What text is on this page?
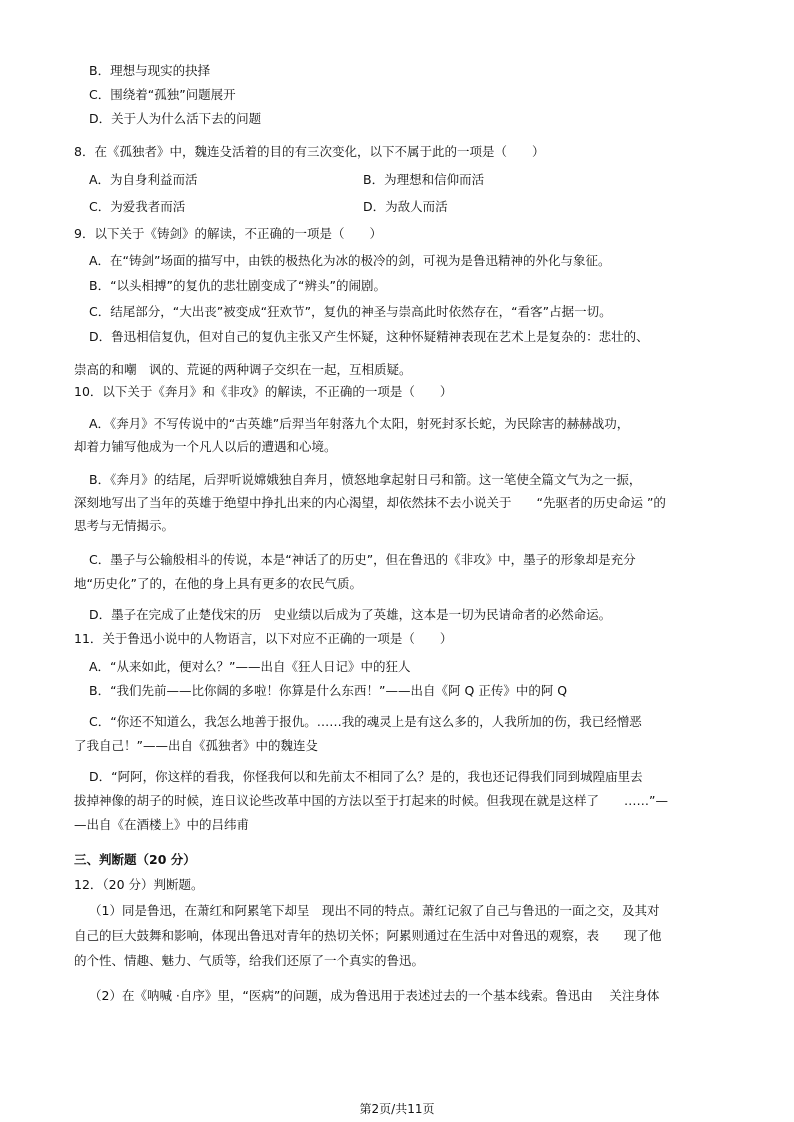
B．理想与现实的抉择
C．围绕着“孤独”问题展开
D．关于人为什么活下去的问题
8．在《孤独者》中，魏连殳活着的目的有三次变化，以下不属于此的一项是（　　）
A．为自身利益而活	B．为理想和信仰而活
C．为爱我者而活	D．为敌人而活
9．以下关于《铸剑》的解读，不正确的一项是（　　）
A．在“铸剑”场面的描写中，由铁的极热化为冰的极冷的剑，可视为是鲁迅精神的外化与象征。
B．“以头相搏”的复仇的悲壮剧变成了“辨头”的闹剧。
C．结尾部分，“大出丧”被变成“狂欢节”，复仇的神圣与崇高此时依然存在，“看客”占据一切。
D．鲁迅相信复仇，但对自己的复仇主张又产生怀疑，这种怀疑精神表现在艺术上是复杂的：悲壮的、
崇高的和嘲　讽的、荒诞的两种调子交织在一起，互相质疑。
10．以下关于《奔月》和《非攻》的解读，不正确的一项是（　　）
A．《奔月》不写传说中的“古英雄”后羿当年射落九个太阳，射死封豕长蛇，为民除害的赫赫战功，
却着力铺写他成为一个凡人以后的遭遇和心境。
B．《奔月》的结尾，后羿听说嫦娥独自奔月，愤怒地拿起射日弓和箭。这一笔使全篇文气为之一振，
深刻地写出了当年的英雄于绝望中挣扎出来的内心渴望，却依然抹不去小说关于　　“先驱者的历史命运 ”的
思考与无情揭示。
C．墨子与公输般相斗的传说，本是“神话了的历史”，但在鲁迅的《非攻》中，墨子的形象却是充分
地“历史化”了的，在他的身上具有更多的农民气质。
D．墨子在完成了止楚伐宋的历　史业绩以后成为了英雄，这本是一切为民请命者的必然命运。
11．关于鲁迅小说中的人物语言，以下对应不正确的一项是（　　）
A．“从来如此，便对么？”——出自《狂人日记》中的狂人
B．“我们先前——比你阔的多啦！你算是什么东西！”——出自《阿 Q 正传》中的阿 Q
C．“你还不知道么，我怎么地善于报仇。……我的魂灵上是有这么多的，人我所加的伤，我已经憎恶
了我自己！”——出自《孤独者》中的魏连殳
D．“阿阿，你这样的看我，你怪我何以和先前太不相同了么？是的，我也还记得我们同到城隍庙里去
拔掉神像的胡子的时候，连日议论些改革中国的方法以至于打起来的时候。但我现在就是这样了　　……”—
—出自《在酒楼上》中的吕纬甫
三、判断题（20 分）
12．（20 分）判断题。
（1）同是鲁迅，在萧红和阿累笔下却呈　现出不同的特点。萧红记叙了自己与鲁迅的一面之交，及其对
自己的巨大鼓舞和影响，体现出鲁迅对青年的热切关怀；阿累则通过在生活中对鲁迅的观察，表　　现了他
的个性、情趣、魅力、气质等，给我们还原了一个真实的鲁迅。
（2）在《呐喊 ·自序》里，“医病”的问题，成为鲁迅用于表述过去的一个基本线索。鲁迅由　 关注身体
第2页/共11页
